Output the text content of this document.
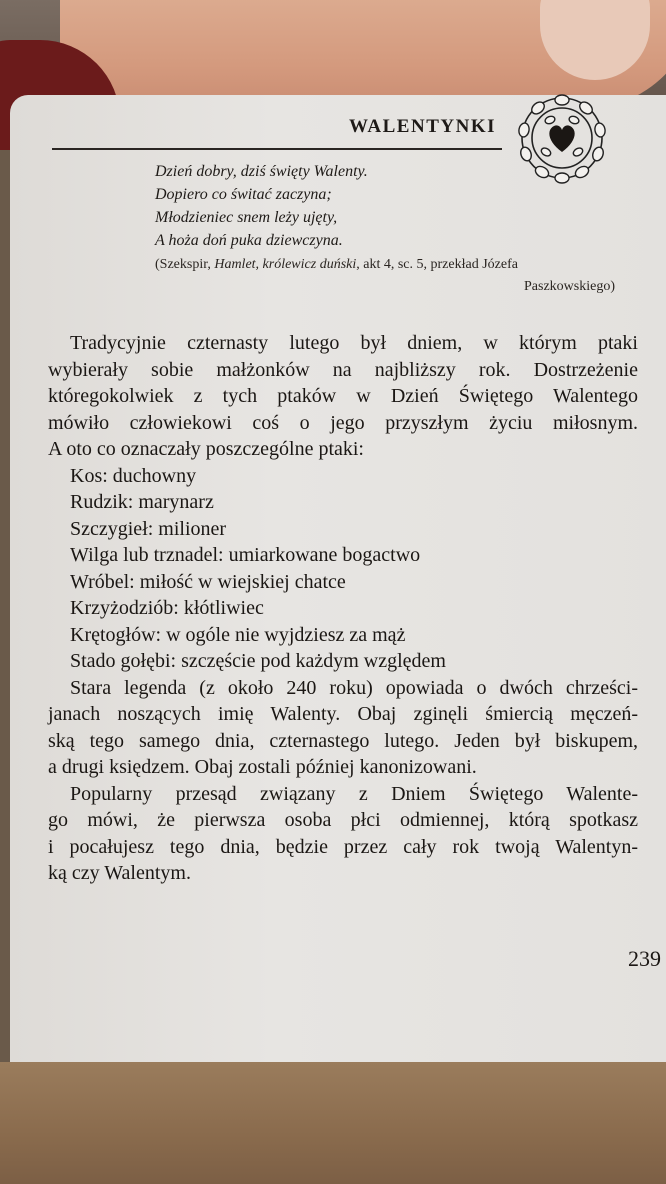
WALENTYNKI
Dzień dobry, dziś święty Walenty.
Dopiero co świtać zaczyna;
Młodzieniec snem leży ujęty,
A hoża doń puka dziewczyna.
(Szekspir, Hamlet, królewicz duński, akt 4, sc. 5, przekład Józefa
Paszkowskiego)
Tradycyjnie czternasty lutego był dniem, w którym ptaki
wybierały sobie małżonków na najbliższy rok. Dostrzeżenie
któregokolwiek z tych ptaków w Dzień Świętego Walentego
mówiło człowiekowi coś o jego przyszłym życiu miłosnym.
A oto co oznaczały poszczególne ptaki:
Kos: duchowny
Rudzik: marynarz
Szczygieł: milioner
Wilga lub trznadel: umiarkowane bogactwo
Wróbel: miłość w wiejskiej chatce
Krzyżodziób: kłótliwiec
Krętogłów: w ogóle nie wyjdziesz za mąż
Stado gołębi: szczęście pod każdym względem
Stara legenda (z około 240 roku) opowiada o dwóch chrześci-
janach noszących imię Walenty. Obaj zginęli śmiercią męczeń-
ską tego samego dnia, czternastego lutego. Jeden był biskupem,
a drugi księdzem. Obaj zostali później kanonizowani.
Popularny przesąd związany z Dniem Świętego Walente-
go mówi, że pierwsza osoba płci odmiennej, którą spotkasz
i pocałujesz tego dnia, będzie przez cały rok twoją Walentyn-
ką czy Walentym.
239
